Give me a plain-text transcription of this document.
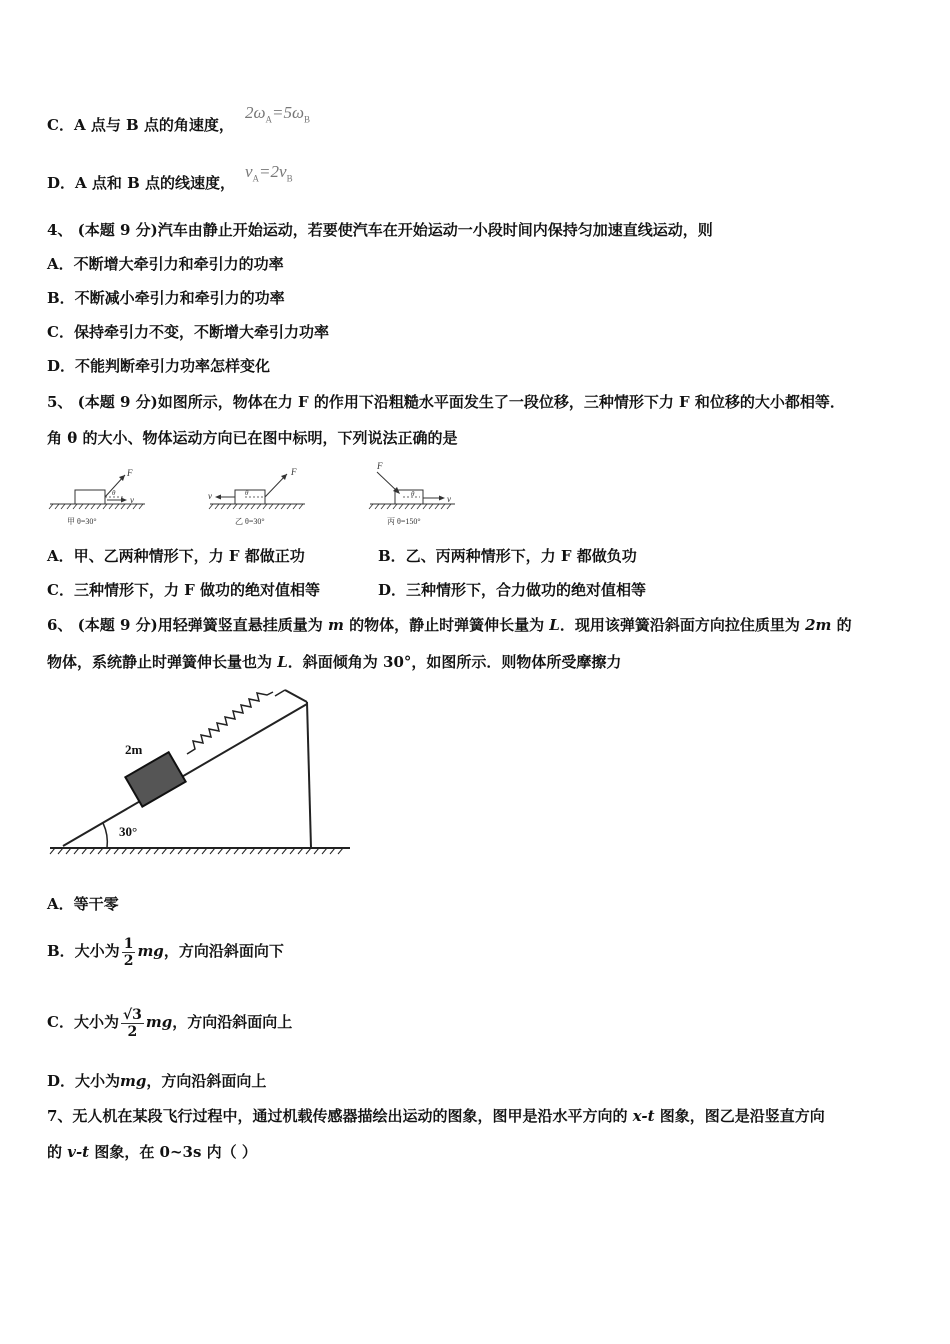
C．A 点与 B 点的角速度，
$2\omega_A=5\omega_B$
D．A 点和 B 点的线速度，
$v_A=2v_B$
4、 (本题 9 分)汽车由静止开始运动，若要使汽车在开始运动一小段时间内保持匀加速直线运动，则
A．不断增大牵引力和牵引力的功率
B．不断减小牵引力和牵引力的功率
C．保持牵引力不变，不断增大牵引力功率
D．不能判断牵引力功率怎样变化
5、 (本题 9 分)如图所示，物体在力 F 的作用下沿粗糙水平面发生了一段位移，三种情形下力 F 和位移的大小都相等．
角 θ 的大小、物体运动方向已在图中标明，下列说法正确的是
F
v
θ
甲 θ=30°
F
v	θ
乙 θ=30°
F
v
θ
丙 θ=150°
A．甲、乙两种情形下，力 F 都做正功	B．乙、丙两种情形下，力 F 都做负功
C．三种情形下，力 F 做功的绝对值相等	D．三种情形下，合力做功的绝对值相等
6、 (本题 9 分)用轻弹簧竖直悬挂质量为 m 的物体，静止时弹簧伸长量为 L．现用该弹簧沿斜面方向拉住质里为 2m 的
物体，系统静止时弹簧伸长量也为 L．斜面倾角为 30°，如图所示．则物体所受摩擦力
2m
30°
A．等干零
B．大小为 $\frac{1}{2}$ mg，方向沿斜面向下
C．大小为 $\frac{√3}{2}$ mg，方向沿斜面向上
D．大小为mg，方向沿斜面向上
7、无人机在某段飞行过程中，通过机载传感器描绘出运动的图象，图甲是沿水平方向的 x-t 图象，图乙是沿竖直方向
的 v-t 图象，在 0~3s 内（ ）
